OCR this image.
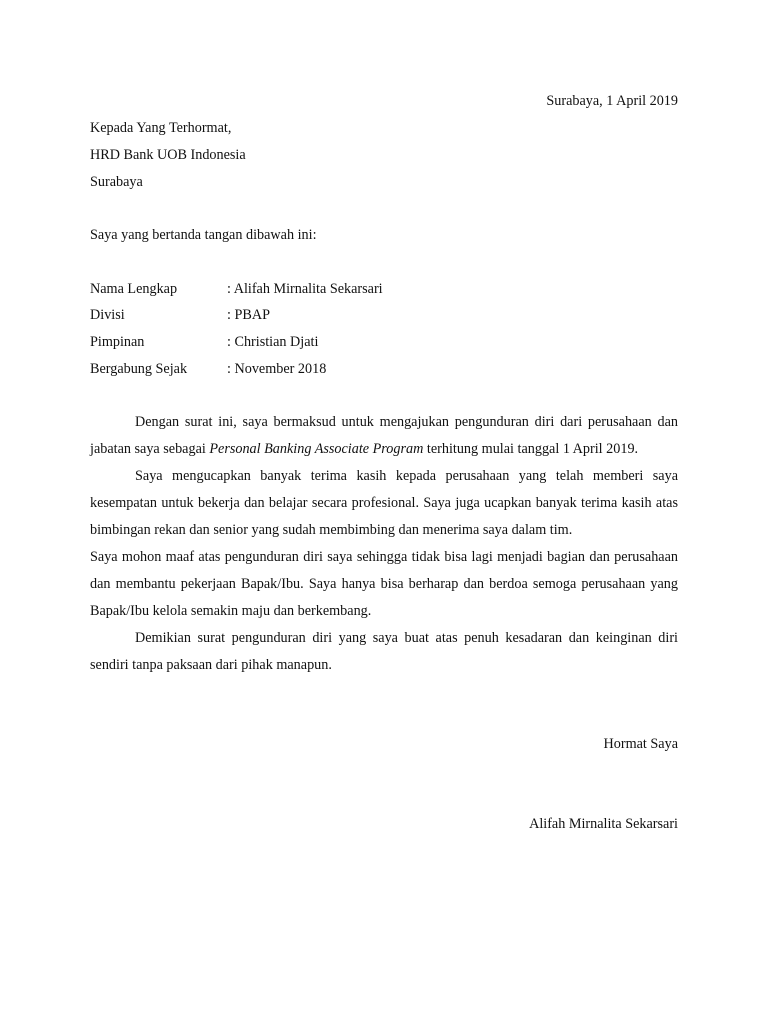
Surabaya, 1 April 2019
Kepada Yang Terhormat,
HRD Bank UOB Indonesia
Surabaya
Saya yang bertanda tangan dibawah ini:
Nama Lengkap	: Alifah Mirnalita Sekarsari
Divisi	: PBAP
Pimpinan	: Christian Djati
Bergabung Sejak	: November 2018

Dengan surat ini, saya bermaksud untuk mengajukan pengunduran diri dari perusahaan dan jabatan saya sebagai Personal Banking Associate Program terhitung mulai tanggal 1 April 2019.

Saya mengucapkan banyak terima kasih kepada perusahaan yang telah memberi saya kesempatan untuk bekerja dan belajar secara profesional. Saya juga ucapkan banyak terima kasih atas bimbingan rekan dan senior yang sudah membimbing dan menerima saya dalam tim.

Saya mohon maaf atas pengunduran diri saya sehingga tidak bisa lagi menjadi bagian dan perusahaan dan membantu pekerjaan Bapak/Ibu. Saya hanya bisa berharap dan berdoa semoga perusahaan yang Bapak/Ibu kelola semakin maju dan berkembang.

Demikian surat pengunduran diri yang saya buat atas penuh kesadaran dan keinginan diri sendiri tanpa paksaan dari pihak manapun.

Hormat Saya
Alifah Mirnalita Sekarsari
